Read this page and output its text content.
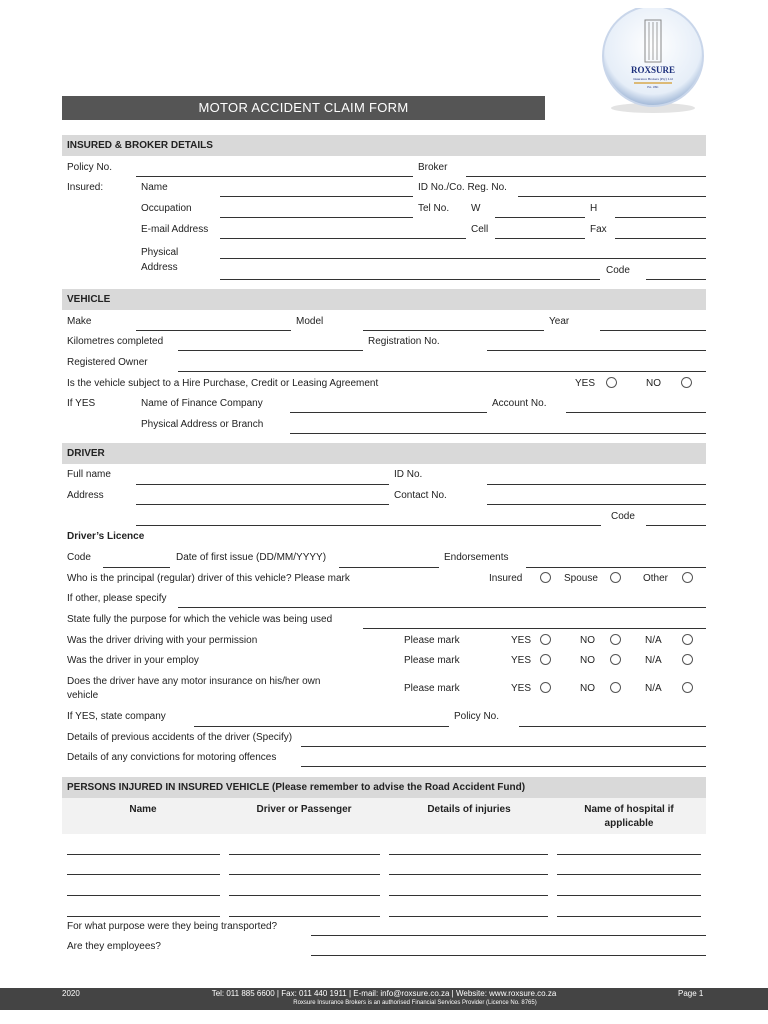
ROXSURE
Insurance Brokers (Pty) Ltd
Est. 1991
MOTOR ACCIDENT CLAIM FORM
INSURED & BROKER DETAILS
Policy No.	Broker
Insured:	Name	ID No./Co. Reg. No.
Occupation	Tel No. W	H
E-mail Address	Cell	Fax
Physical
Address	Code
VEHICLE
Make	Model	Year
Kilometres completed	Registration No.
Registered Owner
Is the vehicle subject to a Hire Purchase, Credit or Leasing Agreement	YES	NO
If YES	Name of Finance Company	Account No.
Physical Address or Branch
DRIVER
Full name	ID No.
Address	Contact No.
Code
Driver’s Licence
Code	Date of first issue (DD/MM/YYYY)	Endorsements
Who is the principal (regular) driver of this vehicle? Please mark	Insured	Spouse	Other
If other, please specify
State fully the purpose for which the vehicle was being used
Was the driver driving with your permission	Please mark	YES	NO	N/A
Was the driver in your employ	Please mark	YES	NO	N/A
Does the driver have any motor insurance on his/her own
vehicle
Please mark	YES	NO	N/A
If YES, state company	Policy No.
Details of previous accidents of the driver (Specify)
Details of any convictions for motoring offences
PERSONS INJURED IN INSURED VEHICLE (Please remember to advise the Road Accident Fund)
Name	Driver or Passenger	Details of injuries	Name of hospital if
applicable
For what purpose were they being transported?
Are they employees?
2020	Tel: 011 885 6600 | Fax: 011 440 1911 | E-mail: info@roxsure.co.za | Website: www.roxsure.co.za
Roxsure Insurance Brokers is an authorised Financial Services Provider (Licence No. 8765)
Page 1
